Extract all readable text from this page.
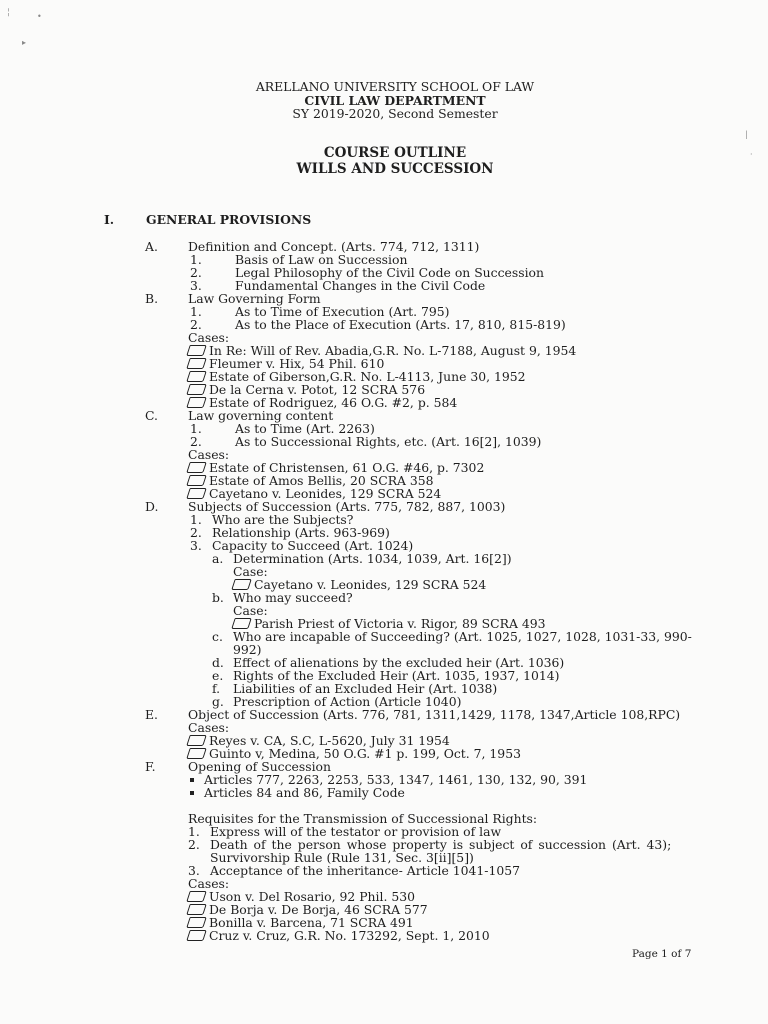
╎
▸
•
|
·
ARELLANO UNIVERSITY SCHOOL OF LAW
CIVIL LAW DEPARTMENT
SY 2019-2020, Second Semester
COURSE OUTLINE
WILLS AND SUCCESSION
I.	GENERAL PROVISIONS
A. Definition and Concept. (Arts. 774, 712, 1311)
1.	Basis of Law on Succession
2.	Legal Philosophy of the Civil Code on Succession
3.	Fundamental Changes in the Civil Code
B. Law Governing Form
1.	As to Time of Execution (Art. 795)
2.	As to the Place of Execution (Arts. 17, 810, 815-819)
Cases:
In Re: Will of Rev. Abadia,G.R. No. L-7188, August 9, 1954
Fleumer v. Hix, 54 Phil. 610
Estate of Giberson,G.R. No. L-4113, June 30, 1952
De la Cerna v. Potot, 12 SCRA 576
Estate of Rodriguez, 46 O.G. #2, p. 584
C. Law governing content
1.	As to Time (Art. 2263)
2.	As to Successional Rights, etc. (Art. 16[2], 1039)
Cases:
Estate of Christensen, 61 O.G. #46, p. 7302
Estate of Amos Bellis, 20 SCRA 358
Cayetano v. Leonides, 129 SCRA 524
D. Subjects of Succession (Arts. 775, 782, 887, 1003)
1. Who are the Subjects?
2. Relationship (Arts. 963-969)
3. Capacity to Succeed (Art. 1024)
a. Determination (Arts. 1034, 1039, Art. 16[2])
Case:
Cayetano v. Leonides, 129 SCRA 524
b. Who may succeed?
Case:
Parish Priest of Victoria v. Rigor, 89 SCRA 493
c. Who are incapable of Succeeding? (Art. 1025, 1027, 1028, 1031-33, 990-
992)
d. Effect of alienations by the excluded heir (Art. 1036)
e. Rights of the Excluded Heir (Art. 1035, 1937, 1014)
f. Liabilities of an Excluded Heir (Art. 1038)
g. Prescription of Action (Article 1040)
E. Object of Succession (Arts. 776, 781, 1311,1429, 1178, 1347,Article 108,RPC)
Cases:
Reyes v. CA, S.C, L-5620, July 31 1954
Guinto v, Medina, 50 O.G. #1 p. 199, Oct. 7, 1953
F.	Opening of Succession
Articles 777, 2263, 2253, 533, 1347, 1461, 130, 132, 90, 391
Articles 84 and 86, Family Code
Requisites for the Transmission of Successional Rights:
1. Express will of the testator or provision of law
2. Death of the person whose property is subject of succession (Art. 43);
Survivorship Rule (Rule 131, Sec. 3[ii][5])
3. Acceptance of the inheritance- Article 1041-1057
Cases:
Uson v. Del Rosario, 92 Phil. 530
De Borja v. De Borja, 46 SCRA 577
Bonilla v. Barcena, 71 SCRA 491
Cruz v. Cruz, G.R. No. 173292, Sept. 1, 2010
Page 1 of 7
